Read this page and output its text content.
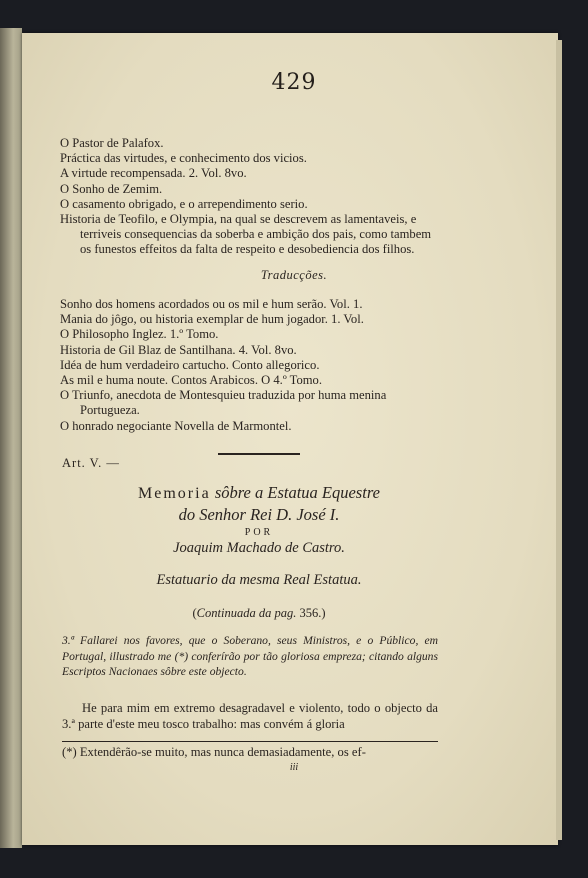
429
O Pastor de Palafox.
Práctica das virtudes, e conhecimento dos vicios.
A virtude recompensada. 2. Vol. 8vo.
O Sonho de Zemim.
O casamento obrigado, e o arrependimento serio.
Historia de Teofilo, e Olympia, na qual se descrevem as lamentaveis, e terriveis consequencias da soberba e ambição dos pais, como tambem os funestos effeitos da falta de respeito e desobediencia dos filhos.
Traducções.
Sonho dos homens acordados ou os mil e hum serão. Vol. 1.
Mania do jôgo, ou historia exemplar de hum jogador. 1. Vol.
O Philosopho Inglez. 1.º Tomo.
Historia de Gil Blaz de Santilhana. 4. Vol. 8vo.
Idéa de hum verdadeiro cartucho. Conto allegorico.
As mil e huma noute. Contos Arabicos. O 4.º Tomo.
O Triunfo, anecdota de Montesquieu traduzida por huma menina Portugueza.
O honrado negociante Novella de Marmontel.
Art. V. —
Memoria sôbre a Estatua Equestre
do Senhor Rei D. José I.
POR
Joaquim Machado de Castro.
Estatuario da mesma Real Estatua.
(Continuada da pag. 356.)
3.ª Fallarei nos favores, que o Soberano, seus Ministros, e o Público, em Portugal, illustrado me (*) conferírão por tão gloriosa empreza; citando alguns Escriptos Nacionaes sôbre este objecto.
He para mim em extremo desagradavel e violento, todo o objecto da 3.ª parte d'este meu tosco trabalho: mas convém á gloria
(*) Extendêrão-se muito, mas nunca demasiadamente, os ef-
iii
